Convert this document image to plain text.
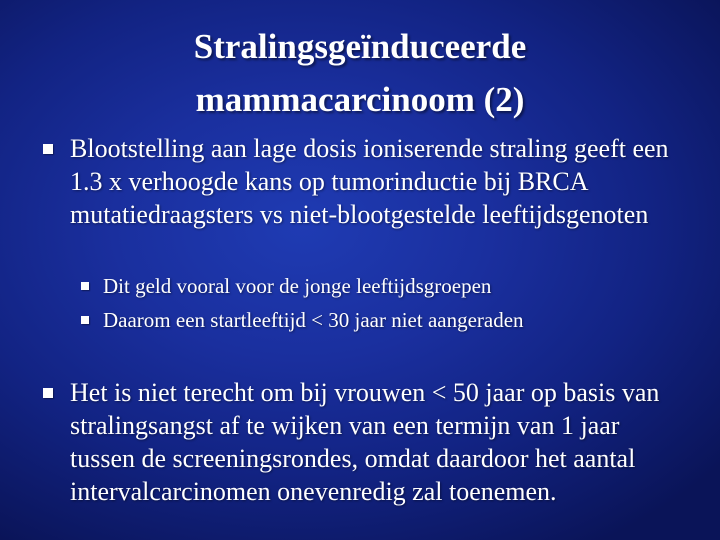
Stralingsgeïnduceerde
mammacarcinoom (2)
Blootstelling aan lage dosis ioniserende straling geeft een 1.3 x verhoogde kans op tumorinductie bij BRCA mutatiedraagsters vs niet-blootgestelde leeftijdsgenoten
Dit geld vooral voor de jonge leeftijdsgroepen
Daarom een startleeftijd < 30 jaar niet aangeraden
Het is niet terecht om bij vrouwen < 50 jaar op basis van stralingsangst af te wijken van een termijn van 1 jaar tussen de screeningsrondes, omdat daardoor het aantal intervalcarcinomen onevenredig zal toenemen.
